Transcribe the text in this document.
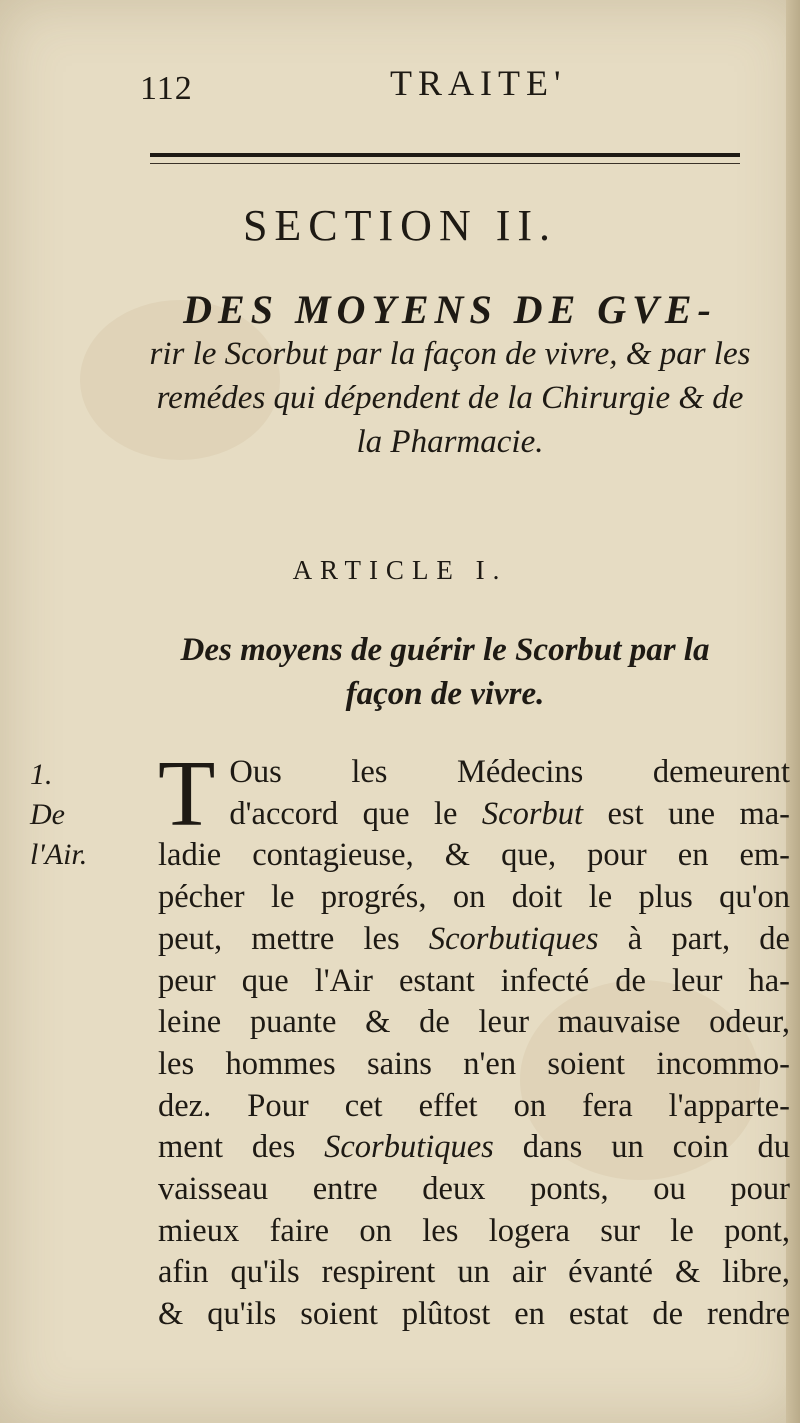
112	TRAITE'
SECTION II.
DES MOYENS DE GVE-
rir le Scorbut par la façon de vivre, & par les remédes qui dépendent de la Chirurgie & de la Pharmacie.
ARTICLE I.
Des moyens de guérir le Scorbut par la façon de vivre.
1.
De
l'Air.
T Ous les Médecins demeurent
d'accord que le Scorbut est une ma-
ladie contagieuse, & que, pour en em-
pécher le progrés, on doit le plus qu'on
peut, mettre les Scorbutiques à part, de
peur que l'Air estant infecté de leur ha-
leine puante & de leur mauvaise odeur,
les hommes sains n'en soient incommo-
dez. Pour cet effet on fera l'apparte-
ment des Scorbutiques dans un coin du
vaisseau entre deux ponts, ou pour
mieux faire on les logera sur le pont,
afin qu'ils respirent un air évanté & libre,
& qu'ils soient plûtost en estat de rendre
